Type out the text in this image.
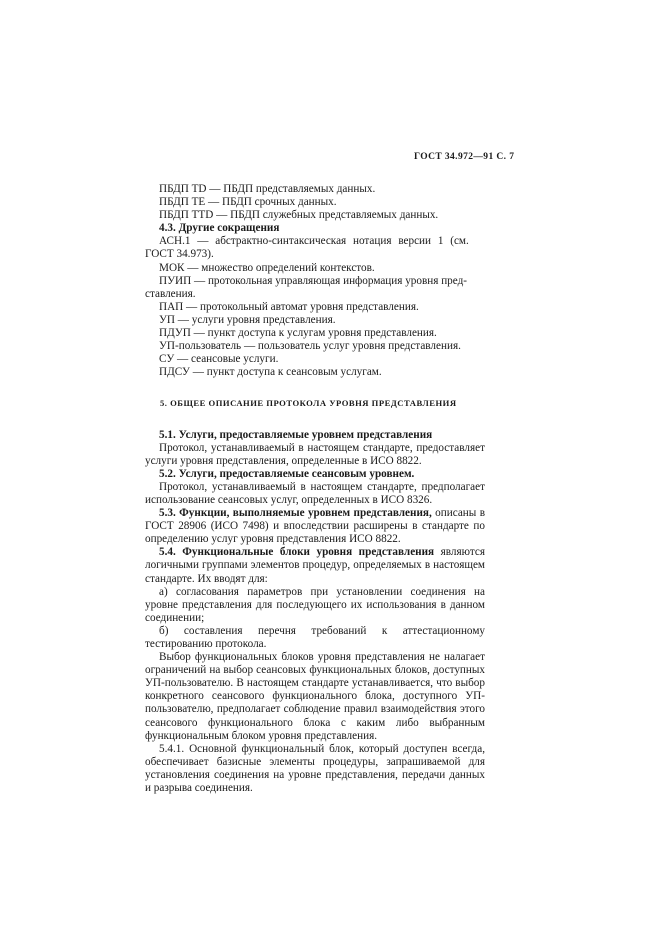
ГОСТ 34.972—91 С. 7
ПБДП TD — ПБДП представляемых данных.
ПБДП ТЕ — ПБДП срочных данных.
ПБДП TTD — ПБДП служебных представляемых данных.

4.3. Другие сокращения

АСН.1 — абстрактно-синтаксическая нотация версии 1 (см.
ГОСТ 34.973).
МОК — множество определений контекстов.
ПУИП — протокольная управляющая информация уровня пред-
ставления.
ПАП — протокольный автомат уровня представления.
УП — услуги уровня представления.
ПДУП — пункт доступа к услугам уровня представления.
УП-пользователь — пользователь услуг уровня представления.
СУ — сеансовые услуги.
ПДСУ — пункт доступа к сеансовым услугам.

5. ОБЩЕЕ ОПИСАНИЕ ПРОТОКОЛА УРОВНЯ ПРЕДСТАВЛЕНИЯ

5.1. Услуги, предоставляемые уровнем представления

Протокол, устанавливаемый в настоящем стандарте, предоставляет услуги уровня представления, определенные в ИСО 8822.

5.2. Услуги, предоставляемые сеансовым уровнем.

Протокол, устанавливаемый в настоящем стандарте, предполагает использование сеансовых услуг, определенных в ИСО 8326.

5.3. Функции, выполняемые уровнем представления, описаны в ГОСТ 28906 (ИСО 7498) и впоследствии расширены в стандарте по определению услуг уровня представления ИСО 8822.

5.4. Функциональные блоки уровня представления являются логичными группами элементов процедур, определяемых в настоящем стандарте. Их вводят для:

а) согласования параметров при установлении соединения на уровне представления для последующего их использования в данном соединении;

б) составления перечня требований к аттестационному тестированию протокола.

Выбор функциональных блоков уровня представления не налагает ограничений на выбор сеансовых функциональных блоков, доступных УП-пользователю. В настоящем стандарте устанавливается, что выбор конкретного сеансового функционального блока, доступного УП-пользователю, предполагает соблюдение правил взаимодействия этого сеансового функционального блока с каким либо выбранным функциональным блоком уровня представления.

5.4.1. Основной функциональный блок, который доступен всегда, обеспечивает базисные элементы процедуры, запрашиваемой для установления соединения на уровне представления, передачи данных и разрыва соединения.
